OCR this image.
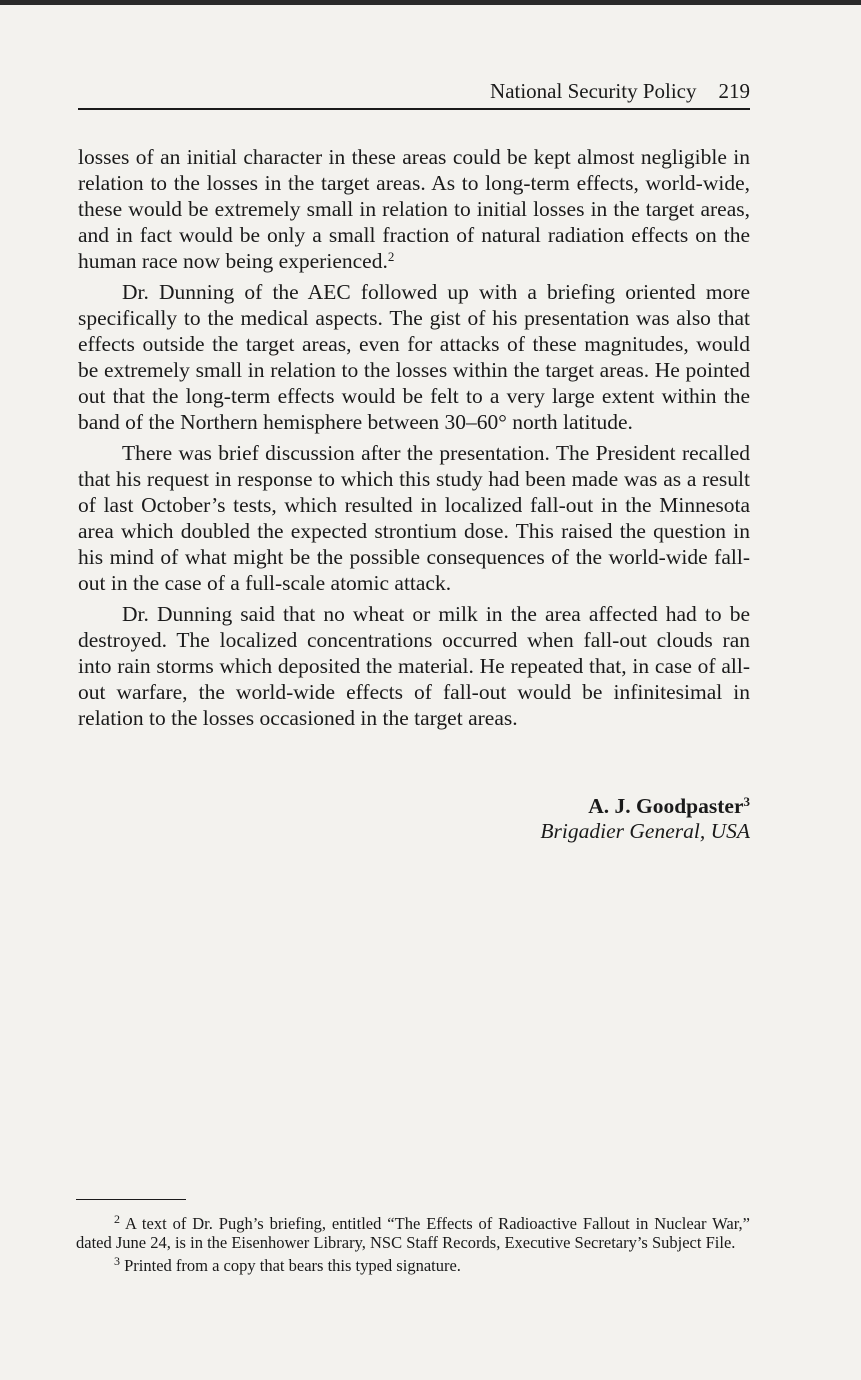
National Security Policy 219

losses of an initial character in these areas could be kept almost negligible in relation to the losses in the target areas. As to long-term effects, world-wide, these would be extremely small in relation to initial losses in the target areas, and in fact would be only a small fraction of natural radiation effects on the human race now being experienced.$^2$

Dr. Dunning of the AEC followed up with a briefing oriented more specifically to the medical aspects. The gist of his presentation was also that effects outside the target areas, even for attacks of these magnitudes, would be extremely small in relation to the losses within the target areas. He pointed out that the long-term effects would be felt to a very large extent within the band of the Northern hemisphere between 30–60° north latitude.

There was brief discussion after the presentation. The President recalled that his request in response to which this study had been made was as a result of last October’s tests, which resulted in localized fall-out in the Minnesota area which doubled the expected strontium dose. This raised the question in his mind of what might be the possible consequences of the world-wide fall-out in the case of a full-scale atomic attack.

Dr. Dunning said that no wheat or milk in the area affected had to be destroyed. The localized concentrations occurred when fall-out clouds ran into rain storms which deposited the material. He repeated that, in case of all-out warfare, the world-wide effects of fall-out would be infinitesimal in relation to the losses occasioned in the target areas.

A. J. Goodpaster$^3$
Brigadier General, USA

$^2$ A text of Dr. Pugh’s briefing, entitled “The Effects of Radioactive Fallout in Nuclear War,” dated June 24, is in the Eisenhower Library, NSC Staff Records, Executive Secretary’s Subject File.

$^3$ Printed from a copy that bears this typed signature.
